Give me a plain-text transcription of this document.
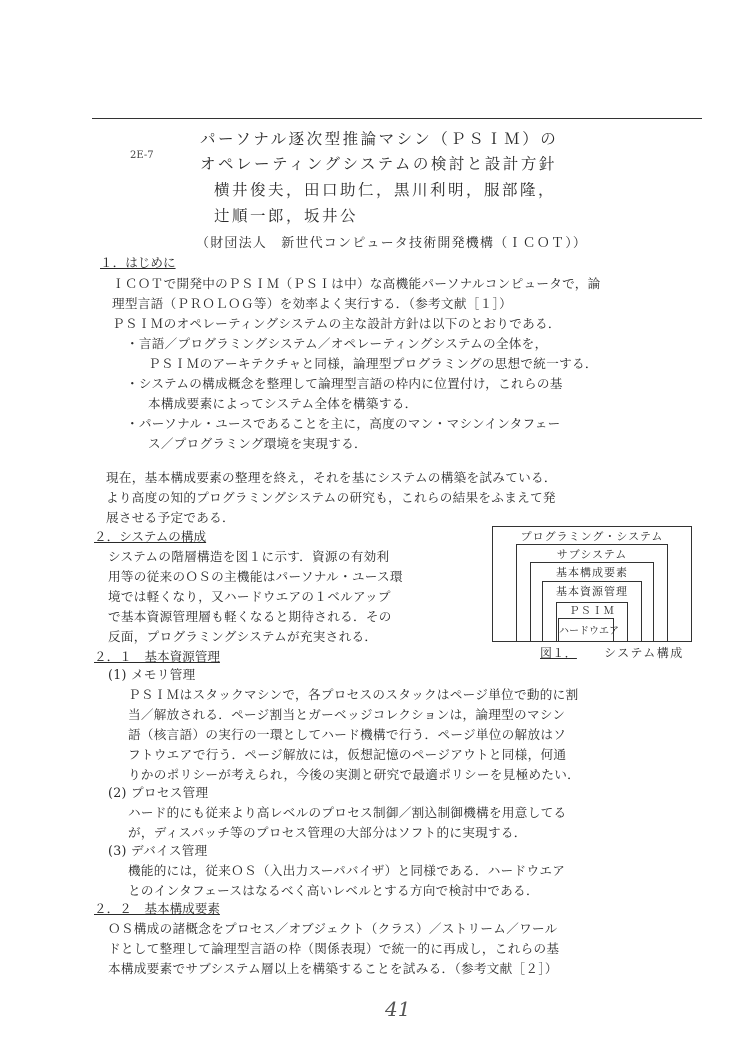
2E-7
パーソナル逐次型推論マシン（ＰＳＩＭ）の
オペレーティングシステムの検討と設計方針
横井俊夫，田口助仁，黒川利明，服部隆，
辻順一郎，坂井公
（財団法人　新世代コンピュータ技術開発機構（ＩＣＯＴ））
１．はじめに
ＩＣＯＴで開発中のＰＳＩＭ（ＰＳＩは中）な高機能パーソナルコンピュータで，論
理型言語（ＰＲＯＬＯＧ等）を効率よく実行する．（参考文献［１］）
ＰＳＩＭのオペレーティングシステムの主な設計方針は以下のとおりである．
・言語／プログラミングシステム／オペレーティングシステムの全体を，
ＰＳＩＭのアーキテクチャと同様，論理型プログラミングの思想で統一する．
・システムの構成概念を整理して論理型言語の枠内に位置付け，これらの基
本構成要素によってシステム全体を構築する．
・パーソナル・ユースであることを主に，高度のマン・マシンインタフェー
ス／プログラミング環境を実現する．
現在，基本構成要素の整理を終え，それを基にシステムの構築を試みている．
より高度の知的プログラミングシステムの研究も，これらの結果をふまえて発
展させる予定である．
２．システムの構成
システムの階層構造を図１に示す．資源の有効利
用等の従来のＯＳの主機能はパーソナル・ユース環
境では軽くなり，又ハードウエアの１ベルアップ
で基本資源管理層も軽くなると期待される．その
反面，プログラミングシステムが充実される．
プログラミング・システム
サブシステム
基本構成要素
基本資源管理
ＰＳＩＭ
ハードウエア
図１． システム構成
２．１　基本資源管理
(1) メモリ管理
ＰＳＩＭはスタックマシンで，各プロセスのスタックはページ単位で動的に割
当／解放される．ページ割当とガーベッジコレクションは，論理型のマシン
語（核言語）の実行の一環としてハード機構で行う．ページ単位の解放はソ
フトウエアで行う．ページ解放には，仮想記憶のページアウトと同様，何通
りかのポリシーが考えられ，今後の実測と研究で最適ポリシーを見極めたい．
(2) プロセス管理
ハード的にも従来より高レベルのプロセス制御／割込制御機構を用意してる
が，ディスパッチ等のプロセス管理の大部分はソフト的に実現する．
(3) デバイス管理
機能的には，従来ＯＳ（入出力スーパバイザ）と同様である．ハードウエア
とのインタフェースはなるべく高いレベルとする方向で検討中である．
２．２　基本構成要素
ＯＳ構成の諸概念をプロセス／オブジェクト（クラス）／ストリーム／ワール
ドとして整理して論理型言語の枠（関係表現）で統一的に再成し，これらの基
本構成要素でサブシステム層以上を構築することを試みる．（参考文献［２］）
41
